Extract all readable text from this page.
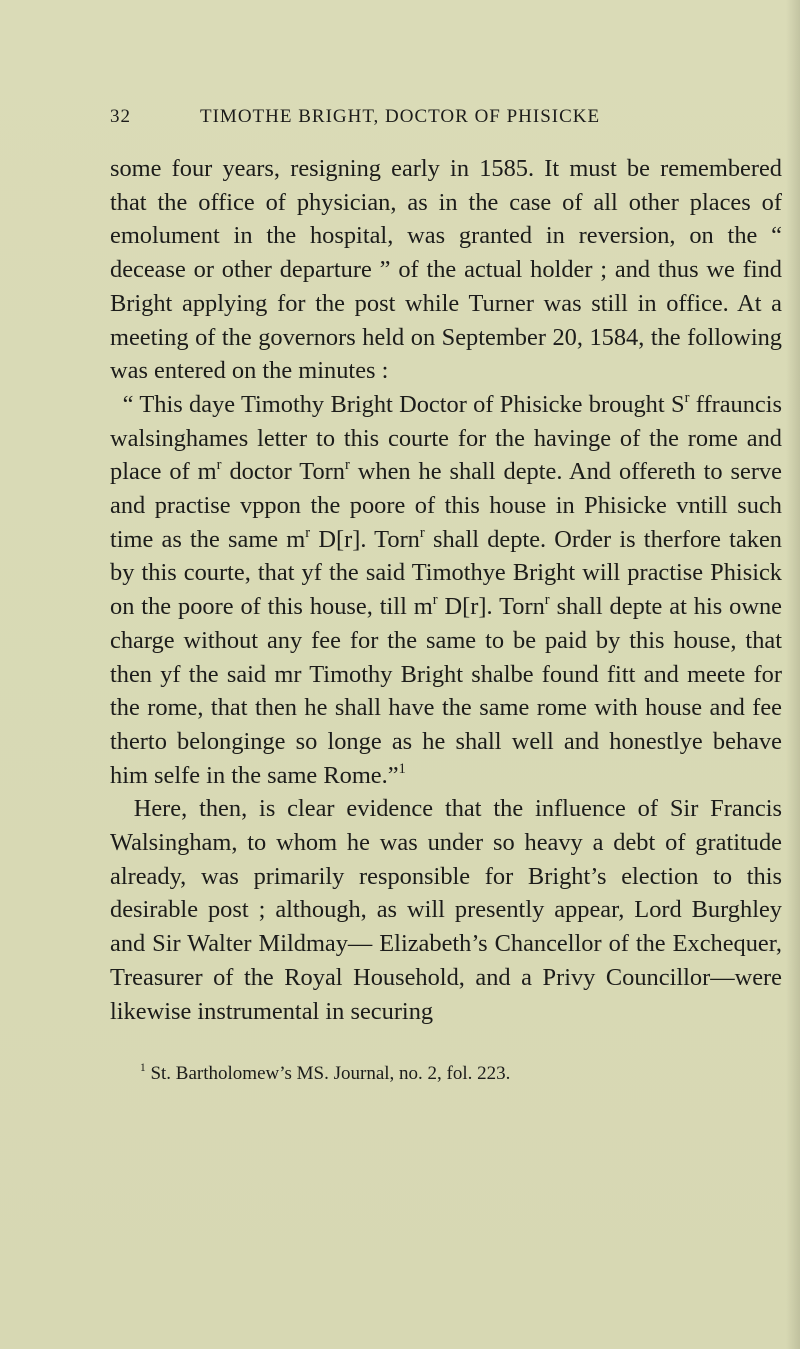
32	TIMOTHE BRIGHT, DOCTOR OF PHISICKE

some four years, resigning early in 1585. It must be remembered that the office of physician, as in the case of all other places of emolument in the hospital, was granted in reversion, on the “ decease or other departure ” of the actual holder ; and thus we find Bright applying for the post while Turner was still in office. At a meeting of the governors held on September 20, 1584, the following was entered on the minutes :

“ This daye Timothy Bright Doctor of Phisicke brought $S^r$ ffrauncis walsinghames letter to this courte for the havinge of the rome and place of $m^r$ doctor Torn$^r$ when he shall depte. And offereth to serve and practise vppon the poore of this house in Phisicke vntill such time as the same $m^r$ D[r]. Torn$^r$ shall depte. Order is therfore taken by this courte, that yf the said Timothye Bright will practise Phisick on the poore of this house, till $m^r$ D[r]. Torn$^r$ shall depte at his owne charge without any fee for the same to be paid by this house, that then yf the said mr Timothy Bright shalbe found fitt and meete for the rome, that then he shall have the same rome with house and fee therto belonginge so longe as he shall well and honestlye behave him selfe in the same Rome.”$^1$

Here, then, is clear evidence that the influence of Sir Francis Walsingham, to whom he was under so heavy a debt of gratitude already, was primarily responsible for Bright’s election to this desirable post ; although, as will presently appear, Lord Burghley and Sir Walter Mildmay— Elizabeth’s Chancellor of the Exchequer, Treasurer of the Royal Household, and a Privy Councillor—were likewise instrumental in securing

$^1$ St. Bartholomew’s MS. Journal, no. 2, fol. 223.
